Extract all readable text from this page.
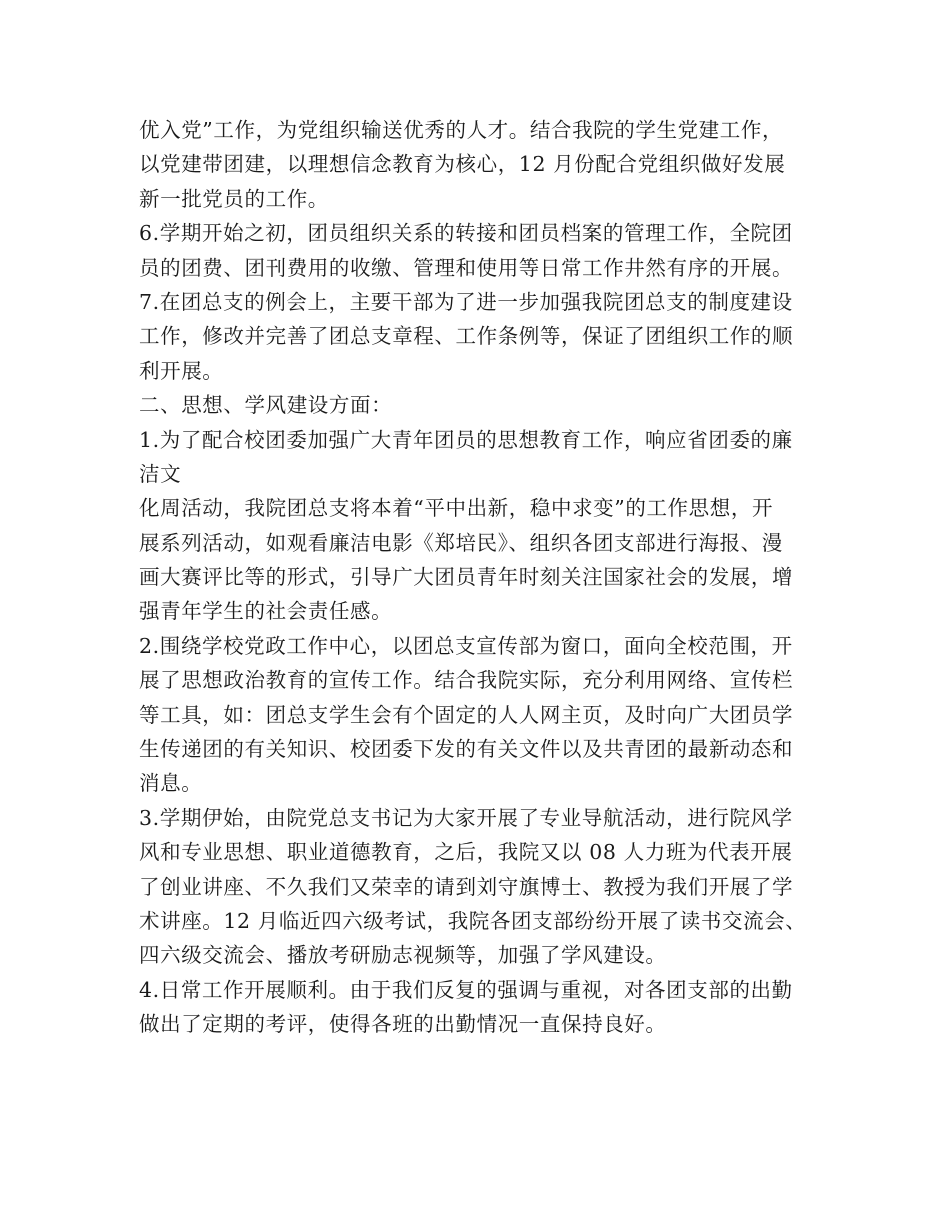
优入党”工作，为党组织输送优秀的人才。结合我院的学生党建工作，
以党建带团建，以理想信念教育为核心，12 月份配合党组织做好发展
新一批党员的工作。
6.学期开始之初，团员组织关系的转接和团员档案的管理工作，全院团
员的团费、团刊费用的收缴、管理和使用等日常工作井然有序的开展。
7.在团总支的例会上，主要干部为了进一步加强我院团总支的制度建设
工作，修改并完善了团总支章程、工作条例等，保证了团组织工作的顺
利开展。
二、思想、学风建设方面：
1.为了配合校团委加强广大青年团员的思想教育工作，响应省团委的廉
洁文
化周活动，我院团总支将本着“平中出新，稳中求变”的工作思想，开
展系列活动，如观看廉洁电影《郑培民》、组织各团支部进行海报、漫
画大赛评比等的形式，引导广大团员青年时刻关注国家社会的发展，增
强青年学生的社会责任感。
2.围绕学校党政工作中心，以团总支宣传部为窗口，面向全校范围，开
展了思想政治教育的宣传工作。结合我院实际，充分利用网络、宣传栏
等工具，如：团总支学生会有个固定的人人网主页，及时向广大团员学
生传递团的有关知识、校团委下发的有关文件以及共青团的最新动态和
消息。
3.学期伊始，由院党总支书记为大家开展了专业导航活动，进行院风学
风和专业思想、职业道德教育，之后，我院又以 08 人力班为代表开展
了创业讲座、不久我们又荣幸的请到刘守旗博士、教授为我们开展了学
术讲座。12 月临近四六级考试，我院各团支部纷纷开展了读书交流会、
四六级交流会、播放考研励志视频等，加强了学风建设。
4.日常工作开展顺利。由于我们反复的强调与重视，对各团支部的出勤
做出了定期的考评，使得各班的出勤情况一直保持良好。
